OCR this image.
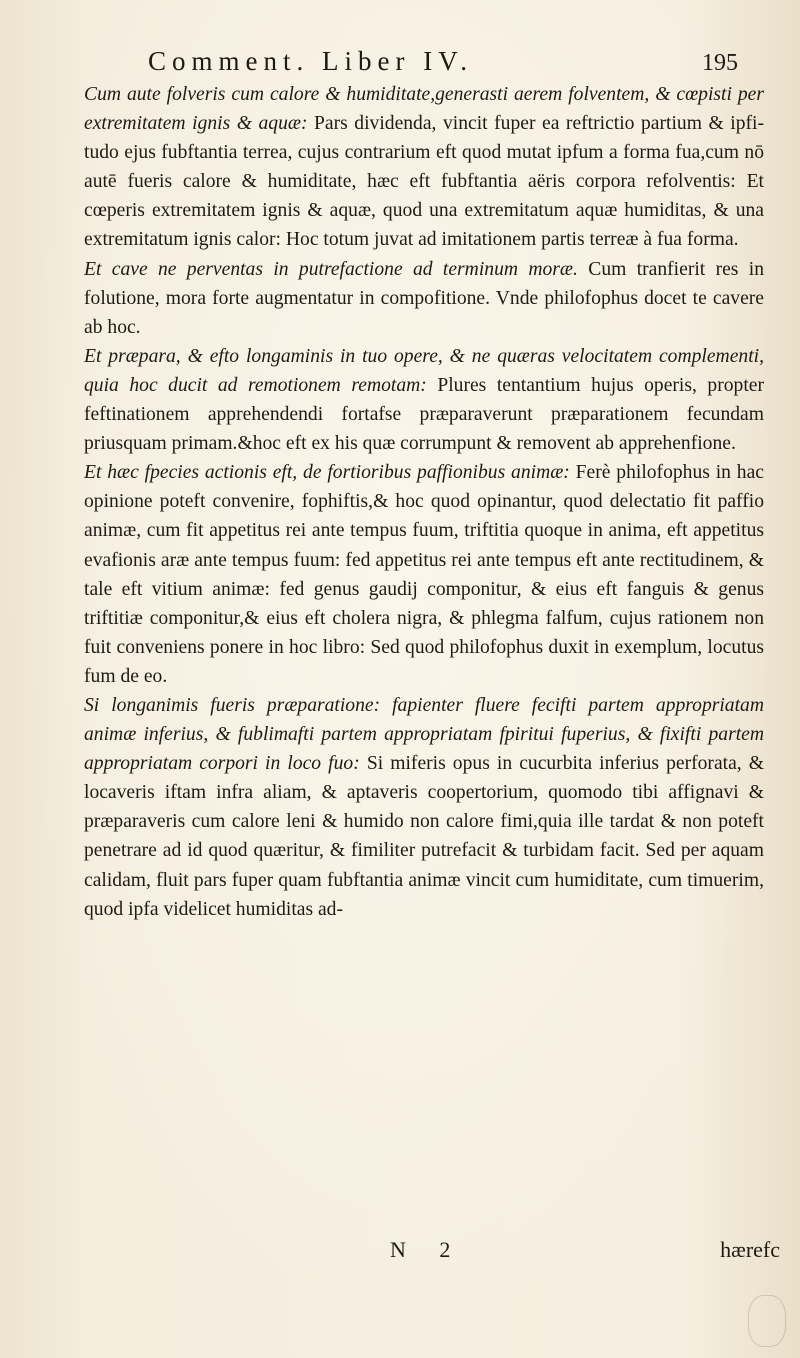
Comment. Liber IV.	195

Cum aute folveris cum calore & humiditate,generasti aerem folventem, & cœpisti per extremitatem ignis & aquæ: Pars dividenda, vincit fuper ea reftrictio partium & ipfi-tudo ejus fubftantia terrea, cujus contrarium eft quod mutat ipfum a forma fua,cum nō autē fueris calore & humiditate, hæc eft fubftantia aëris corpora refolventis: Et cœperis extremitatem ignis & aquæ, quod una extremitatum aquæ humiditas, & una extremitatum ignis calor: Hoc totum juvat ad imitationem partis terreæ à fua forma.

Et cave ne perventas in putrefactione ad terminum moræ. Cum tranfierit res in folutione, mora forte augmentatur in compofitione. Vnde philofophus docet te cavere ab hoc.

Et præpara, & efto longaminis in tuo opere, & ne quæras velocitatem complementi, quia hoc ducit ad remotionem remotam: Plures tentantium hujus operis, propter feftinationem apprehendendi fortafse præparaverunt præparationem fecundam priusquam primam.&hoc eft ex his quæ corrumpunt & removent ab apprehenfione.

Et hæc fpecies actionis eft, de fortioribus paffionibus animæ: Ferè philofophus in hac opinione poteft convenire, fophiftis,& hoc quod opinantur, quod delectatio fit paffio animæ, cum fit appetitus rei ante tempus fuum, triftitia quoque in anima, eft appetitus evafionis aræ ante tempus fuum: fed appetitus rei ante tempus eft ante rectitudinem, & tale eft vitium animæ: fed genus gaudij componitur, & eius eft fanguis & genus triftitiæ componitur,& eius eft cholera nigra, & phlegma falfum, cujus rationem non fuit conveniens ponere in hoc libro: Sed quod philofophus duxit in exemplum, locutus fum de eo.

Si longanimis fueris præparatione: fapienter fluere fecifti partem appropriatam animæ inferius, & fublimafti partem appropriatam fpiritui fuperius, & fixifti partem appropriatam corpori in loco fuo: Si miferis opus in cucurbita inferius perforata, & locaveris iftam infra aliam, & aptaveris coopertorium, quomodo tibi affignavi & præparaveris cum calore leni & humido non calore fimi,quia ille tardat & non poteft penetrare ad id quod quæritur, & fimiliter putrefacit & turbidam facit. Sed per aquam calidam, fluit pars fuper quam fubftantia animæ vincit cum humiditate, cum timuerim, quod ipfa videlicet humiditas ad-

N 2	hærefc
